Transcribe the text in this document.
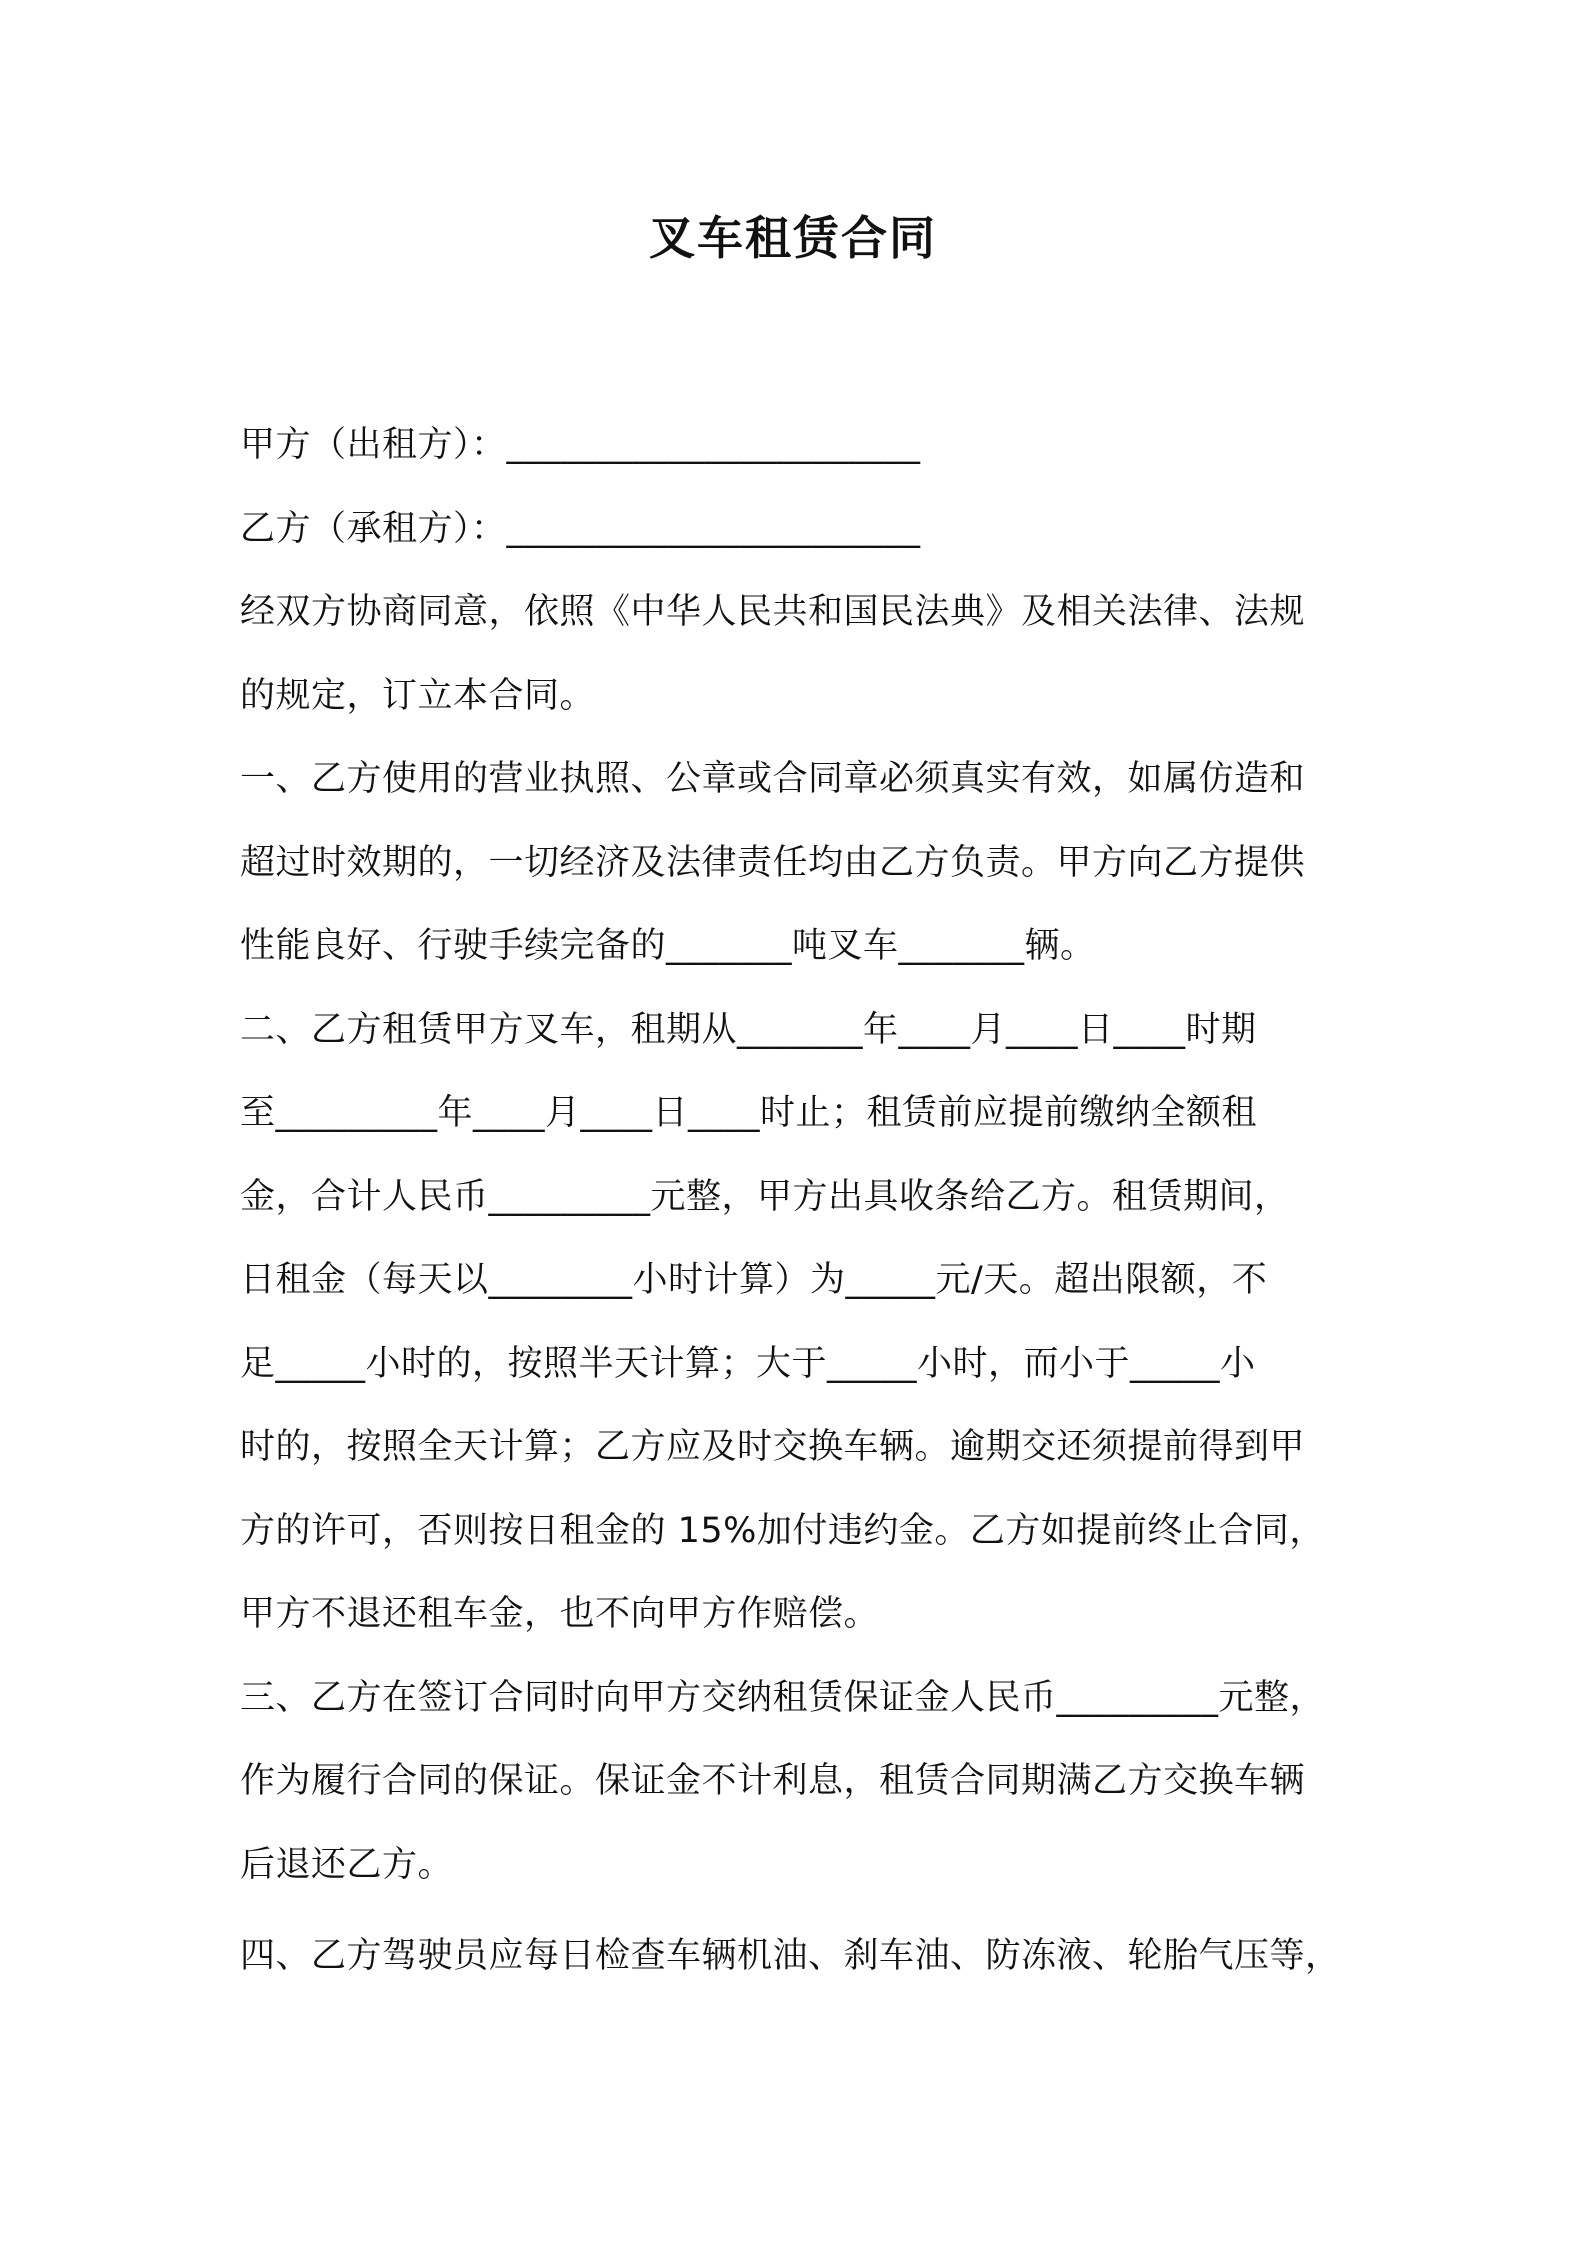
叉车租赁合同

甲方（出租方）：_______________________

乙方（承租方）：_______________________

经双方协商同意，依照《中华人民共和国民法典》及相关法律、法规

的规定，订立本合同。

一、乙方使用的营业执照、公章或合同章必须真实有效，如属仿造和

超过时效期的，一切经济及法律责任均由乙方负责。甲方向乙方提供

性能良好、行驶手续完备的_______吨叉车_______辆。

二、乙方租赁甲方叉车，租期从_______年____月____日____时期

至_________年____月____日____时止；租赁前应提前缴纳全额租

金，合计人民币_________元整，甲方出具收条给乙方。租赁期间，

日租金（每天以________小时计算）为_____元/天。超出限额，不

足_____小时的，按照半天计算；大于_____小时，而小于_____小

时的，按照全天计算；乙方应及时交换车辆。逾期交还须提前得到甲

方的许可，否则按日租金的 15%加付违约金。乙方如提前终止合同，

甲方不退还租车金，也不向甲方作赔偿。

三、乙方在签订合同时向甲方交纳租赁保证金人民币_________元整，

作为履行合同的保证。保证金不计利息，租赁合同期满乙方交换车辆

后退还乙方。

四、乙方驾驶员应每日检查车辆机油、刹车油、防冻液、轮胎气压等，
